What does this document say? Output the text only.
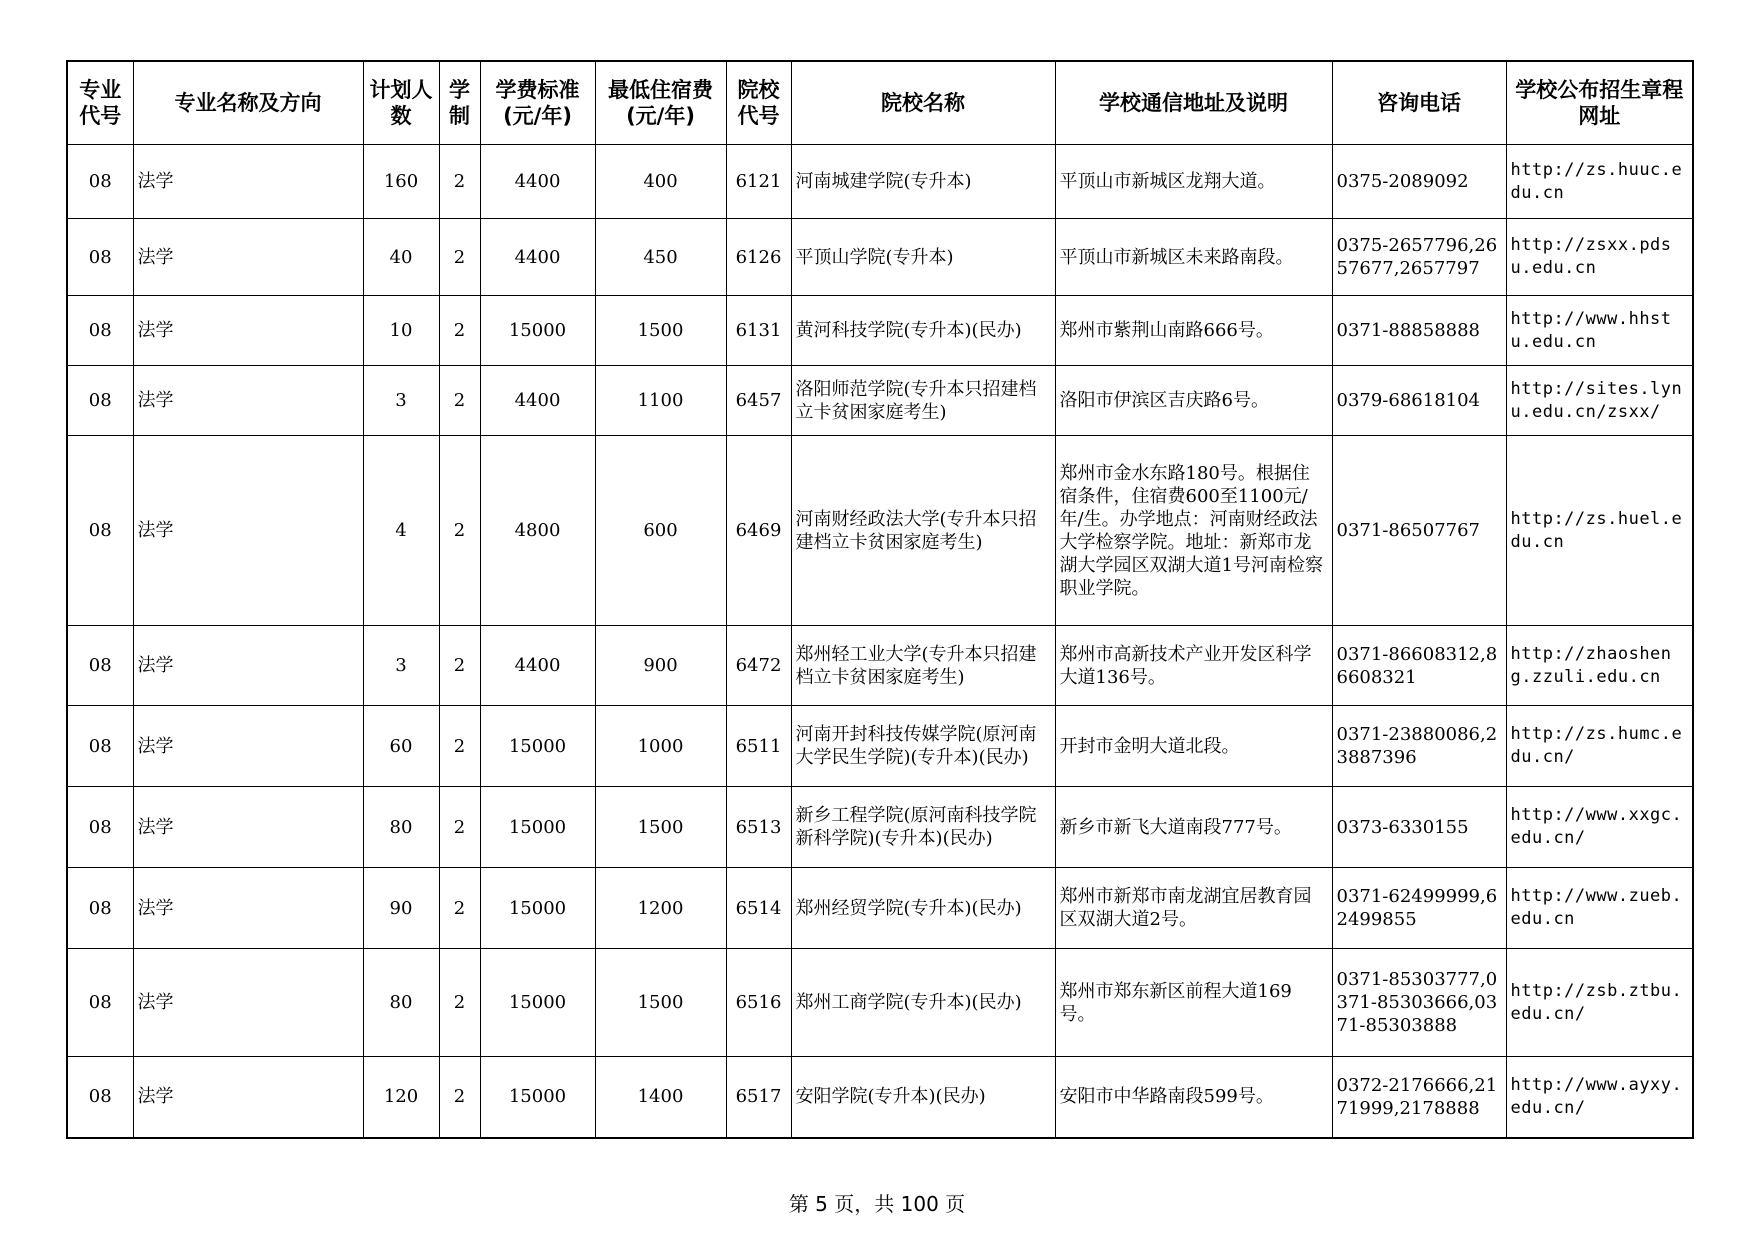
专业代号	专业名称及方向	计划人数	学制	学费标准(元/年)	最低住宿费(元/年)	院校代号	院校名称	学校通信地址及说明	咨询电话	学校公布招生章程网址
08	法学	160	2	4400	400	6121	河南城建学院(专升本)	平顶山市新城区龙翔大道。	0375-2089092	http://zs.huuc.edu.cn
08	法学	40	2	4400	450	6126	平顶山学院(专升本)	平顶山市新城区未来路南段。	0375-2657796,2657677,2657797	http://zsxx.pdsu.edu.cn
08	法学	10	2	15000	1500	6131	黄河科技学院(专升本)(民办)	郑州市紫荆山南路666号。	0371-88858888	http://www.hhstu.edu.cn
08	法学	3	2	4400	1100	6457	洛阳师范学院(专升本只招建档立卡贫困家庭考生)	洛阳市伊滨区吉庆路6号。	0379-68618104	http://sites.lynu.edu.cn/zsxx/
08	法学	4	2	4800	600	6469	河南财经政法大学(专升本只招建档立卡贫困家庭考生)	郑州市金水东路180号。根据住宿条件，住宿费600至1100元/年/生。办学地点：河南财经政法大学检察学院。地址：新郑市龙湖大学园区双湖大道1号河南检察职业学院。	0371-86507767	http://zs.huel.edu.cn
08	法学	3	2	4400	900	6472	郑州轻工业大学(专升本只招建档立卡贫困家庭考生)	郑州市高新技术产业开发区科学大道136号。	0371-86608312,86608321	http://zhaosheng.zzuli.edu.cn
08	法学	60	2	15000	1000	6511	河南开封科技传媒学院(原河南大学民生学院)(专升本)(民办)	开封市金明大道北段。	0371-23880086,23887396	http://zs.humc.edu.cn/
08	法学	80	2	15000	1500	6513	新乡工程学院(原河南科技学院新科学院)(专升本)(民办)	新乡市新飞大道南段777号。	0373-6330155	http://www.xxgc.edu.cn/
08	法学	90	2	15000	1200	6514	郑州经贸学院(专升本)(民办)	郑州市新郑市南龙湖宜居教育园区双湖大道2号。	0371-62499999,62499855	http://www.zueb.edu.cn
08	法学	80	2	15000	1500	6516	郑州工商学院(专升本)(民办)	郑州市郑东新区前程大道169号。	0371-85303777,0371-85303666,0371-85303888	http://zsb.ztbu.edu.cn/
08	法学	120	2	15000	1400	6517	安阳学院(专升本)(民办)	安阳市中华路南段599号。	0372-2176666,2171999,2178888	http://www.ayxy.edu.cn/
第 5 页，共 100 页
